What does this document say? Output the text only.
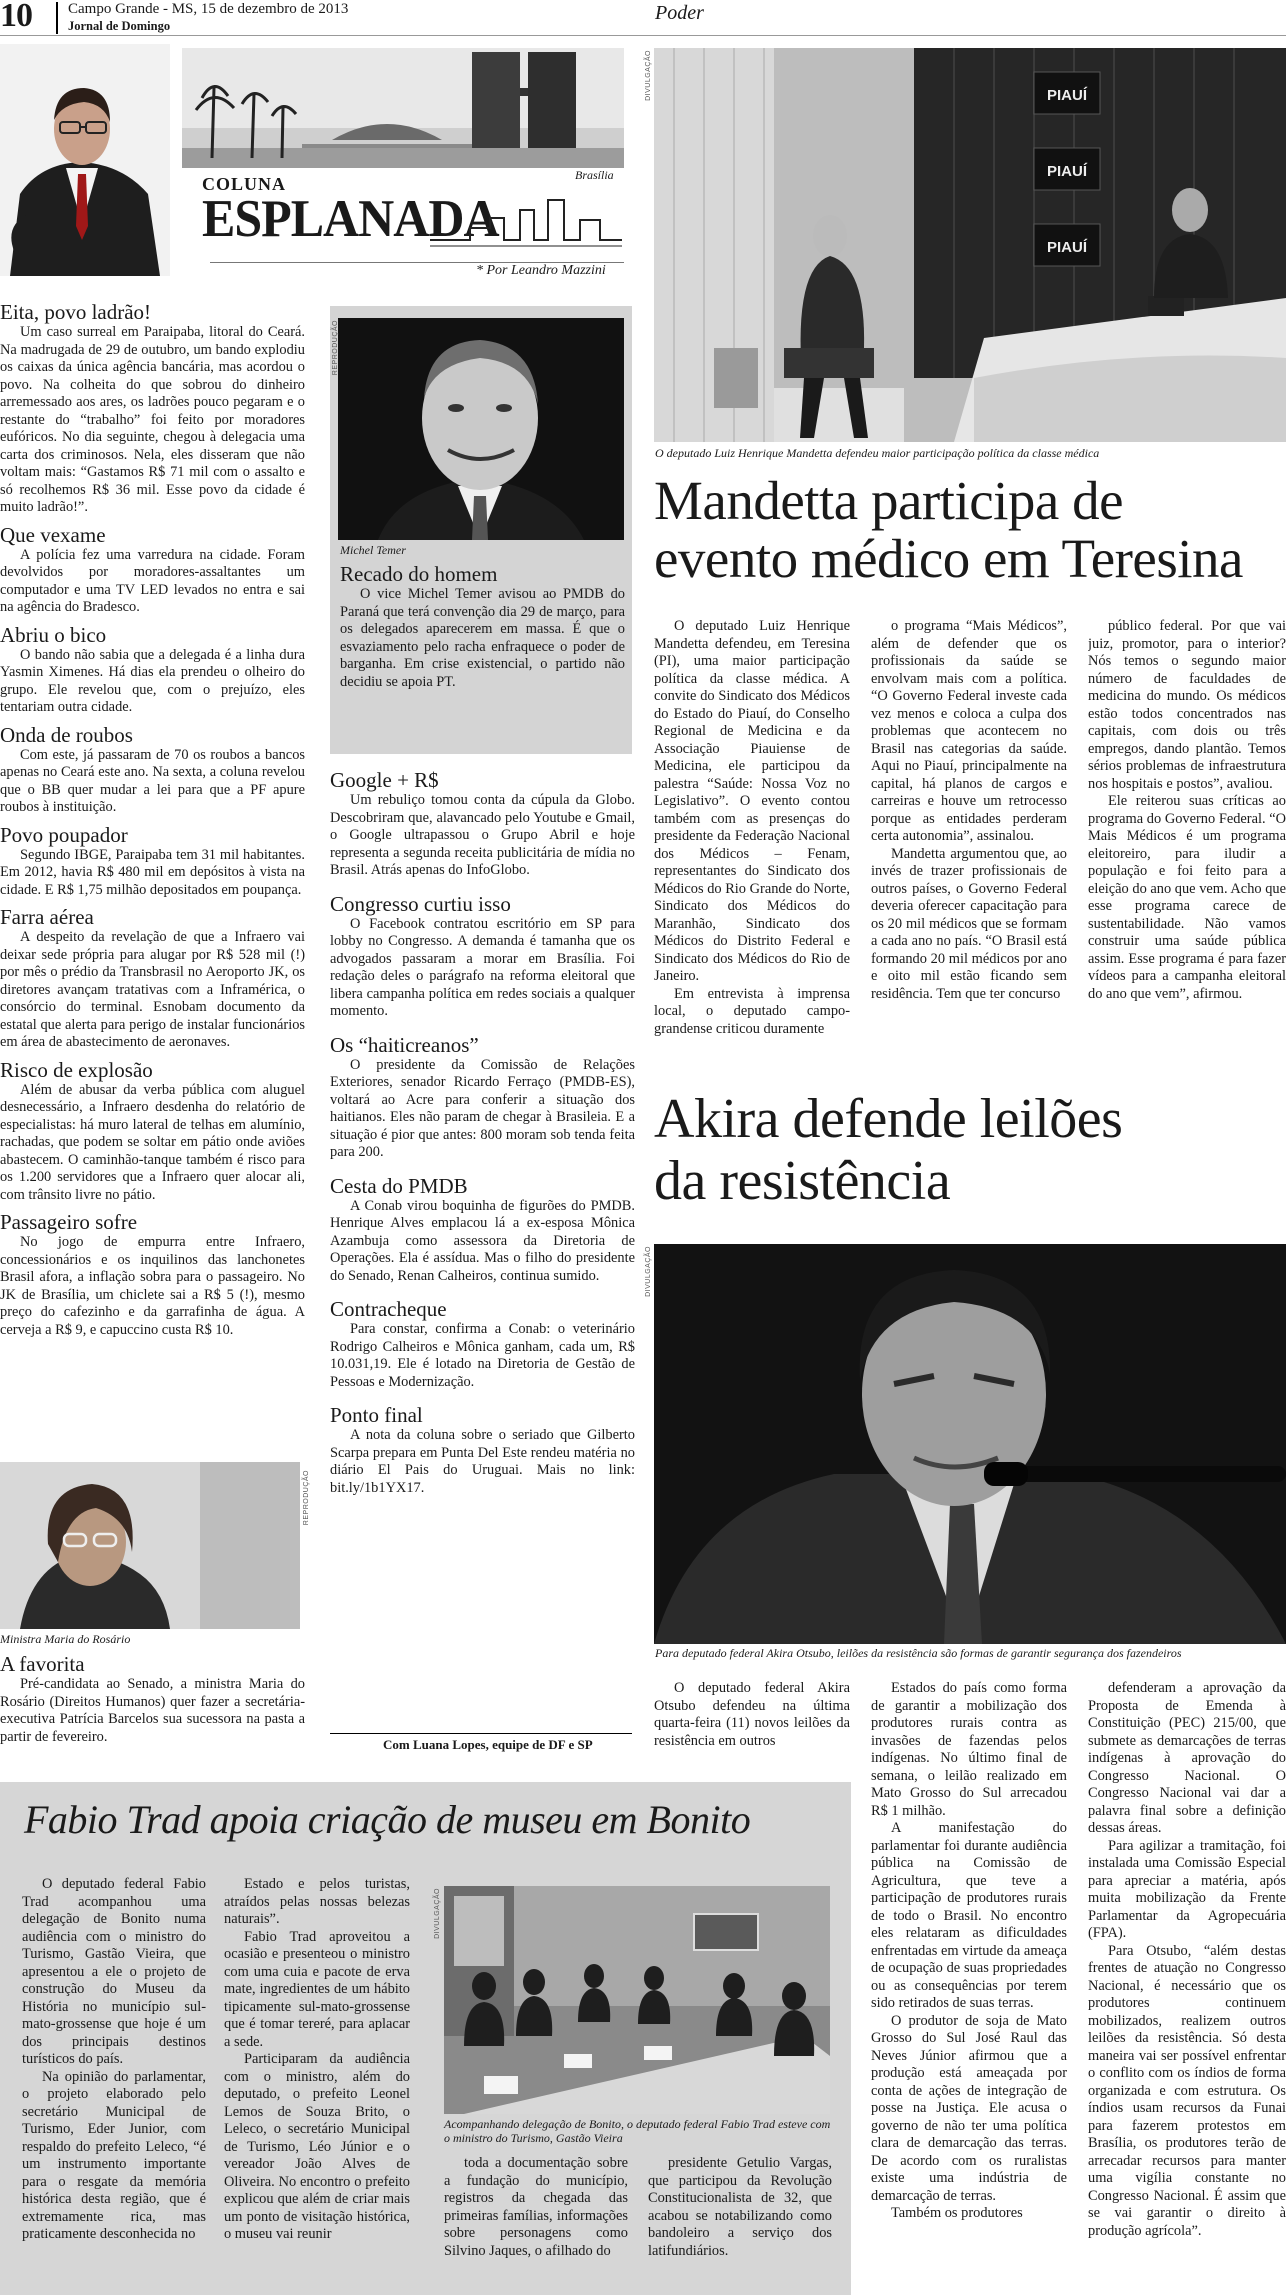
10 Campo Grande - MS, 15 de dezembro de 2013
Jornal de Domingo
Poder
Brasília
COLUNA
ESPLANADA
* Por Leandro Mazzini
Eita, povo ladrão!

Um caso surreal em Paraipaba, litoral do Ceará. Na madrugada de 29 de outubro, um bando explodiu os caixas da única agência bancária, mas acordou o povo. Na colheita do que sobrou do dinheiro arremessado aos ares, os ladrões pouco pegaram e o restante do “trabalho” foi feito por moradores eufóricos. No dia seguinte, chegou à delegacia uma carta dos criminosos. Nela, eles disseram que não voltam mais: “Gastamos R$ 71 mil com o assalto e só recolhemos R$ 36 mil. Esse povo da cidade é muito ladrão!”.

Que vexame

A polícia fez uma varredura na cidade. Foram devolvidos por moradores-assaltantes um computador e uma TV LED levados no entra e sai na agência do Bradesco.

Abriu o bico

O bando não sabia que a delegada é a linha dura Yasmin Ximenes. Há dias ela prendeu o olheiro do grupo. Ele revelou que, com o prejuízo, eles tentariam outra cidade.

Onda de roubos

Com este, já passaram de 70 os roubos a bancos apenas no Ceará este ano. Na sexta, a coluna revelou que o BB quer mudar a lei para que a PF apure roubos à instituição.

Povo poupador

Segundo IBGE, Paraipaba tem 31 mil habitantes. Em 2012, havia R$ 480 mil em depósitos à vista na cidade. E R$ 1,75 milhão depositados em poupança.

Farra aérea

A despeito da revelação de que a Infraero vai deixar sede própria para alugar por R$ 528 mil (!) por mês o prédio da Transbrasil no Aeroporto JK, os diretores avançam tratativas com a Inframérica, o consórcio do terminal. Esnobam documento da estatal que alerta para perigo de instalar funcionários em área de abastecimento de aeronaves.

Risco de explosão

Além de abusar da verba pública com aluguel desnecessário, a Infraero desdenha do relatório de especialistas: há muro lateral de telhas em alumínio, rachadas, que podem se soltar em pátio onde aviões abastecem. O caminhão-tanque também é risco para os 1.200 servidores que a Infraero quer alocar ali, com trânsito livre no pátio.

Passageiro sofre

No jogo de empurra entre Infraero, concessionários e os inquilinos das lanchonetes Brasil afora, a inflação sobra para o passageiro. No JK de Brasília, um chiclete sai a R$ 5 (!), mesmo preço do cafezinho e da garrafinha de água. A cerveja a R$ 9, e capuccino custa R$ 10.

REPRODUÇÃO
Ministra Maria do Rosário
A favorita

Pré-candidata ao Senado, a ministra Maria do Rosário (Direitos Humanos) quer fazer a secretária-executiva Patrícia Barcelos sua sucessora na pasta a partir de fevereiro.

REPRODUÇÃO
Michel Temer
Recado do homem

O vice Michel Temer avisou ao PMDB do Paraná que terá convenção dia 29 de março, para os delegados aparecerem em massa. É que o esvaziamento pelo racha enfraquece o poder de barganha. Em crise existencial, o partido não decidiu se apoia PT.

Google + R$

Um rebuliço tomou conta da cúpula da Globo. Descobriram que, alavancado pelo Youtube e Gmail, o Google ultrapassou o Grupo Abril e hoje representa a segunda receita publicitária de mídia no Brasil. Atrás apenas do InfoGlobo.

Congresso curtiu isso

O Facebook contratou escritório em SP para lobby no Congresso. A demanda é tamanha que os advogados passaram a morar em Brasília. Foi redação deles o parágrafo na reforma eleitoral que libera campanha política em redes sociais a qualquer momento.

Os “haiticreanos”

O presidente da Comissão de Relações Exteriores, senador Ricardo Ferraço (PMDB-ES), voltará ao Acre para conferir a situação dos haitianos. Eles não param de chegar à Brasileia. E a situação é pior que antes: 800 moram sob tenda feita para 200.

Cesta do PMDB

A Conab virou boquinha de figurões do PMDB. Henrique Alves emplacou lá a ex-esposa Mônica Azambuja como assessora da Diretoria de Operações. Ela é assídua. Mas o filho do presidente do Senado, Renan Calheiros, continua sumido.

Contracheque

Para constar, confirma a Conab: o veterinário Rodrigo Calheiros e Mônica ganham, cada um, R$ 10.031,19. Ele é lotado na Diretoria de Gestão de Pessoas e Modernização.

Ponto final

A nota da coluna sobre o seriado que Gilberto Scarpa prepara em Punta Del Este rendeu matéria no diário El Pais do Uruguai. Mais no link: bit.ly/1b1YX17.

Com Luana Lopes, equipe de DF e SP
PIAUÍ
PIAUÍ
PIAUÍ
DIVULGAÇÃO
O deputado Luiz Henrique Mandetta defendeu maior participação política da classe médica
Mandetta participa de
evento médico em Teresina

O deputado Luiz Henrique Mandetta defendeu, em Teresina (PI), uma maior participação política da classe médica. A convite do Sindicato dos Médicos do Estado do Piauí, do Conselho Regional de Medicina e da Associação Piauiense de Medicina, ele participou da palestra “Saúde: Nossa Voz no Legislativo”. O evento contou também com as presenças do presidente da Federação Nacional dos Médicos – Fenam, representantes do Sindicato dos Médicos do Rio Grande do Norte, Sindicato dos Médicos do Maranhão, Sindicato dos Médicos do Distrito Federal e Sindicato dos Médicos do Rio de Janeiro.

Em entrevista à imprensa local, o deputado campo-grandense criticou duramente

o programa “Mais Médicos”, além de defender que os profissionais da saúde se envolvam mais com a política. “O Governo Federal investe cada vez menos e coloca a culpa dos problemas que acontecem no Brasil nas categorias da saúde. Aqui no Piauí, principalmente na capital, há planos de cargos e carreiras e houve um retrocesso porque as entidades perderam certa autonomia”, assinalou.

Mandetta argumentou que, ao invés de trazer profissionais de outros países, o Governo Federal deveria oferecer capacitação para os 20 mil médicos que se formam a cada ano no país. “O Brasil está formando 20 mil médicos por ano e oito mil estão ficando sem residência. Tem que ter concurso

público federal. Por que vai juiz, promotor, para o interior? Nós temos o segundo maior número de faculdades de medicina do mundo. Os médicos estão todos concentrados nas capitais, com dois ou três empregos, dando plantão. Temos sérios problemas de infraestrutura nos hospitais e postos”, avaliou.

Ele reiterou suas críticas ao programa do Governo Federal. “O Mais Médicos é um programa eleitoreiro, para iludir a população e foi feito para a eleição do ano que vem. Acho que esse programa carece de sustentabilidade. Não vamos construir uma saúde pública assim. Esse programa é para fazer vídeos para a campanha eleitoral do ano que vem”, afirmou.

Akira defende leilões
da resistência
DIVULGAÇÃO
Para deputado federal Akira Otsubo, leilões da resistência são formas de garantir segurança dos fazendeiros

O deputado federal Akira Otsubo defendeu na última quarta-feira (11) novos leilões da resistência em outros

Estados do país como forma de garantir a mobilização dos produtores rurais contra as invasões de fazendas pelos indígenas. No último final de semana, o leilão realizado em Mato Grosso do Sul arrecadou R$ 1 milhão.

A manifestação do parlamentar foi durante audiência pública na Comissão de Agricultura, que teve a participação de produtores rurais de todo o Brasil. No encontro eles relataram as dificuldades enfrentadas em virtude da ameaça de ocupação de suas propriedades ou as consequências por terem sido retirados de suas terras.

O produtor de soja de Mato Grosso do Sul José Raul das Neves Júnior afirmou que a produção está ameaçada por conta de ações de integração de posse na Justiça. Ele acusa o governo de não ter uma política clara de demarcação das terras. De acordo com os ruralistas existe uma indústria de demarcação de terras.

Também os produtores

defenderam a aprovação da Proposta de Emenda à Constituição (PEC) 215/00, que submete as demarcações de terras indígenas à aprovação do Congresso Nacional. O Congresso Nacional vai dar a palavra final sobre a definição dessas áreas.

Para agilizar a tramitação, foi instalada uma Comissão Especial para apreciar a matéria, após muita mobilização da Frente Parlamentar da Agropecuária (FPA).

Para Otsubo, “além destas frentes de atuação no Congresso Nacional, é necessário que os produtores continuem mobilizados, realizem outros leilões da resistência. Só desta maneira vai ser possível enfrentar o conflito com os índios de forma organizada e com estrutura. Os índios usam recursos da Funai para fazerem protestos em Brasília, os produtores terão de arrecadar recursos para manter uma vigília constante no Congresso Nacional. É assim que se vai garantir o direito à produção agrícola”.

Fabio Trad apoia criação de museu em Bonito

O deputado federal Fabio Trad acompanhou uma delegação de Bonito numa audiência com o ministro do Turismo, Gastão Vieira, que apresentou a ele o projeto de construção do Museu da História no município sul-mato-grossense que hoje é um dos principais destinos turísticos do país.

Na opinião do parlamentar, o projeto elaborado pelo secretário Municipal de Turismo, Eder Junior, com respaldo do prefeito Leleco, “é um instrumento importante para o resgate da memória histórica desta região, que é extremamente rica, mas praticamente desconhecida no

Estado e pelos turistas, atraídos pelas nossas belezas naturais”.

Fabio Trad aproveitou a ocasião e presenteou o ministro com uma cuia e pacote de erva mate, ingredientes de um hábito tipicamente sul-mato-grossense que é tomar tereré, para aplacar a sede.

Participaram da audiência com o ministro, além do deputado, o prefeito Leonel Lemos de Souza Brito, o Leleco, o secretário Municipal de Turismo, Léo Júnior e o vereador João Alves de Oliveira. No encontro o prefeito explicou que além de criar mais um ponto de visitação histórica, o museu vai reunir

DIVULGAÇÃO
Acompanhando delegação de Bonito, o deputado federal Fabio Trad esteve com o ministro do Turismo, Gastão Vieira

toda a documentação sobre a fundação do município, registros da chegada das primeiras famílias, informações sobre personagens como Silvino Jaques, o afilhado do

presidente Getulio Vargas, que participou da Revolução Constitucionalista de 32, que acabou se notabilizando como bandoleiro a serviço dos latifundiários.
